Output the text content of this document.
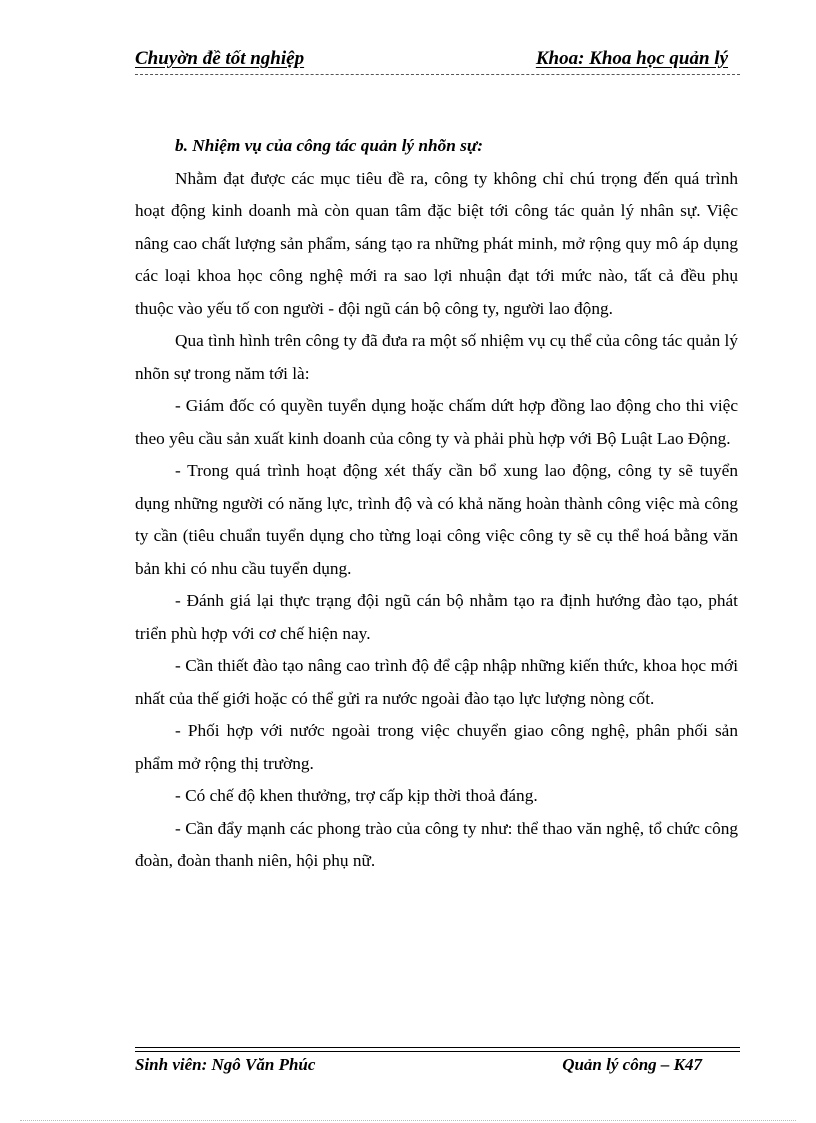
Chuyờn đề tốt nghiệp	Khoa: Khoa học quản lý

b. Nhiệm vụ của công tác quản lý nhõn sự:

Nhằm đạt được các mục tiêu đề ra, công ty không chỉ chú trọng đến quá trình hoạt động kinh doanh mà còn quan tâm đặc biệt tới công tác quản lý nhân sự. Việc nâng cao chất lượng sản phẩm, sáng tạo ra những phát minh, mở rộng quy mô áp dụng các loại khoa học công nghệ mới ra sao lợi nhuận đạt tới mức nào, tất cả đều phụ thuộc vào yếu tố con người - đội ngũ cán bộ công ty, người lao động.

Qua tình hình trên công ty đã đưa ra một số nhiệm vụ cụ thể của công tác quản lý nhõn sự trong năm tới là:

- Giám đốc có quyền tuyển dụng hoặc chấm dứt hợp đồng lao động cho thi việc theo yêu cầu sản xuất kinh doanh của công ty và phải phù hợp với Bộ Luật Lao Động.

- Trong quá trình hoạt động xét thấy cần bổ xung lao động, công ty sẽ tuyển dụng những người có năng lực, trình độ và có khả năng hoàn thành công việc mà công ty cần (tiêu chuẩn tuyển dụng cho từng loại công việc công ty sẽ cụ thể hoá bằng văn bản khi có nhu cầu tuyển dụng.

- Đánh giá lại thực trạng đội ngũ cán bộ nhằm tạo ra định hướng đào tạo, phát triển phù hợp với cơ chế hiện nay.

- Cần thiết đào tạo nâng cao trình độ để cập nhập những kiến thức, khoa học mới nhất của thế giới hoặc có thể gửi ra nước ngoài đào tạo lực lượng nòng cốt.

- Phối hợp với nước ngoài trong việc chuyển giao công nghệ, phân phối sản phẩm mở rộng thị trường.

- Có chế độ khen thưởng, trợ cấp kịp thời thoả đáng.

- Cần đẩy mạnh các phong trào của công ty như: thể thao văn nghệ, tổ chức công đoàn, đoàn thanh niên, hội phụ nữ.

Sinh viên: Ngô Văn Phúc	Quản lý công – K47
